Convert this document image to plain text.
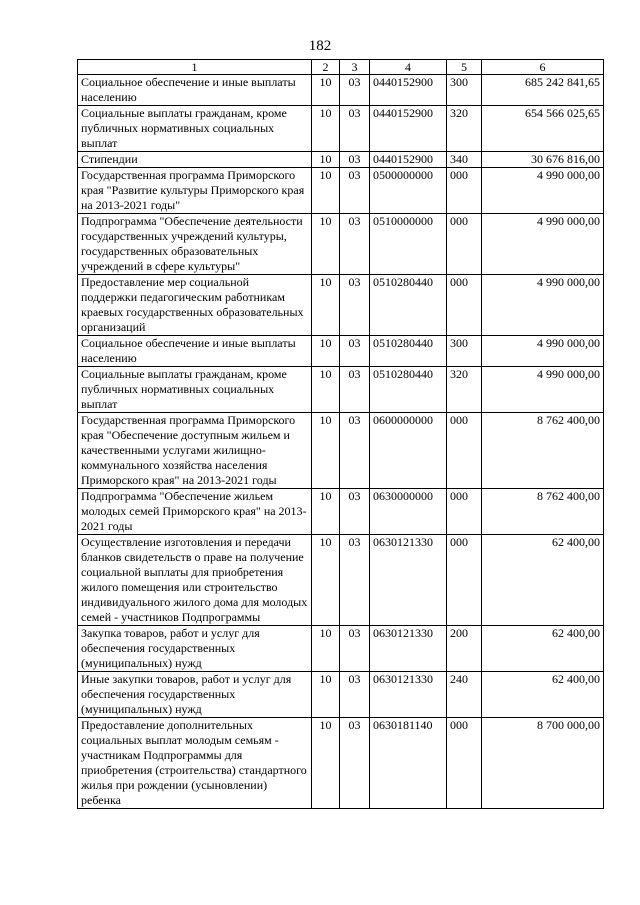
182
1	2	3	4	5	6
Социальное обеспечение и иные выплаты населению	10	03	0440152900	300	685 242 841,65
Социальные выплаты гражданам, кроме публичных нормативных социальных выплат	10	03	0440152900	320	654 566 025,65
Стипендии	10	03	0440152900	340	30 676 816,00
Государственная программа Приморского края "Развитие культуры Приморского края на 2013-2021 годы"	10	03	0500000000	000	4 990 000,00
Подпрограмма "Обеспечение деятельности государственных учреждений культуры, государственных образовательных учреждений в сфере культуры"	10	03	0510000000	000	4 990 000,00
Предоставление мер социальной поддержки педагогическим работникам краевых государственных образовательных организаций	10	03	0510280440	000	4 990 000,00
Социальное обеспечение и иные выплаты населению	10	03	0510280440	300	4 990 000,00
Социальные выплаты гражданам, кроме публичных нормативных социальных выплат	10	03	0510280440	320	4 990 000,00
Государственная программа Приморского края "Обеспечение доступным жильем и качественными услугами жилищно-коммунального хозяйства населения Приморского края" на 2013-2021 годы	10	03	0600000000	000	8 762 400,00
Подпрограмма "Обеспечение жильем молодых семей Приморского края" на 2013-2021 годы	10	03	0630000000	000	8 762 400,00
Осуществление изготовления и передачи бланков свидетельств о праве на получение социальной выплаты для приобретения жилого помещения или строительство индивидуального жилого дома для молодых семей - участников Подпрограммы	10	03	0630121330	000	62 400,00
Закупка товаров, работ и услуг для обеспечения государственных (муниципальных) нужд	10	03	0630121330	200	62 400,00
Иные закупки товаров, работ и услуг для обеспечения государственных (муниципальных) нужд	10	03	0630121330	240	62 400,00
Предоставление дополнительных социальных выплат молодым семьям - участникам Подпрограммы для приобретения (строительства) стандартного жилья при рождении (усыновлении) ребенка	10	03	0630181140	000	8 700 000,00
